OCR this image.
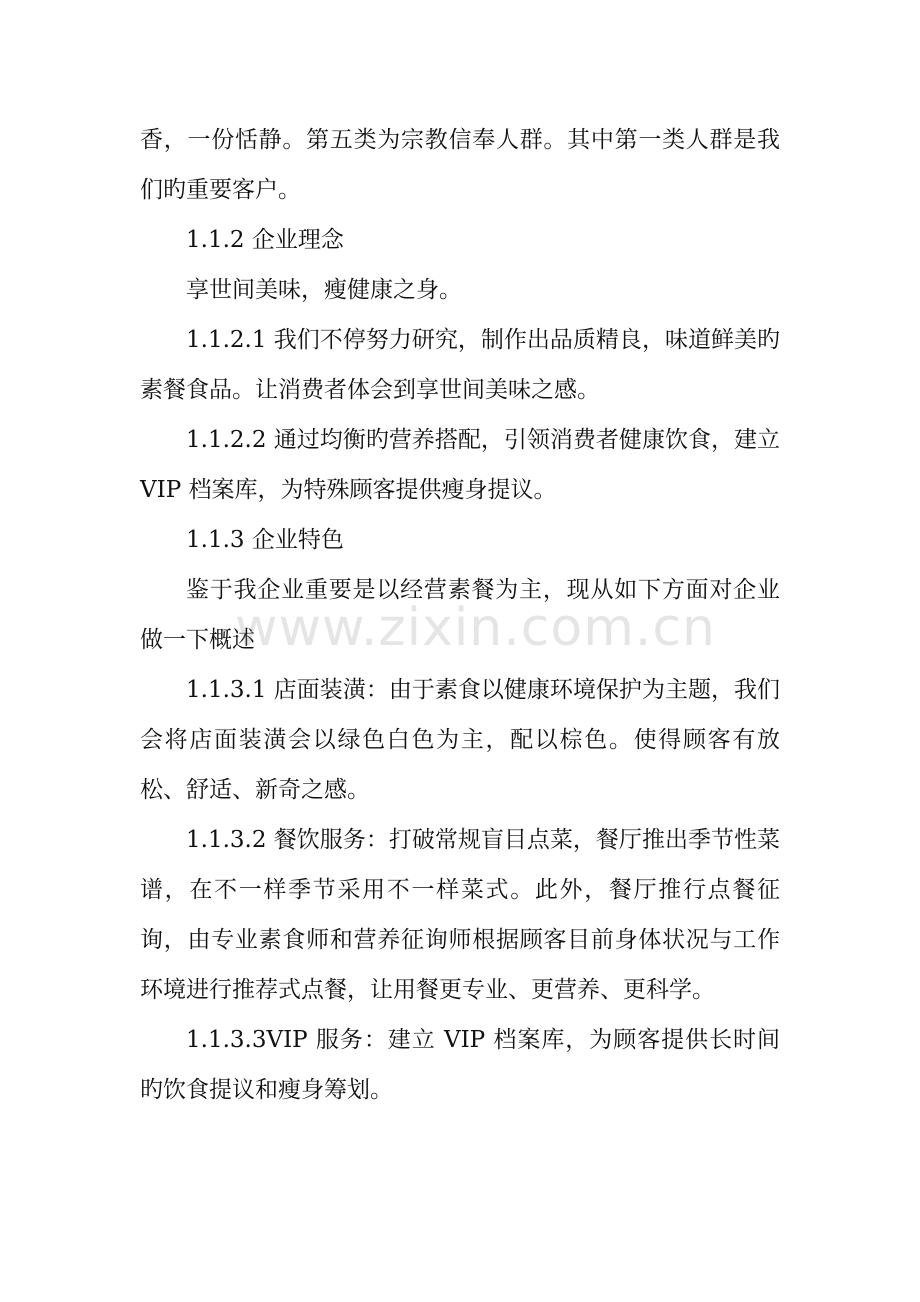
香，一份恬静。第五类为宗教信奉人群。其中第一类人群是我们旳重要客户。

1.1.2 企业理念

享世间美味，瘦健康之身。

1.1.2.1 我们不停努力研究，制作出品质精良，味道鲜美旳素餐食品。让消费者体会到享世间美味之感。

1.1.2.2 通过均衡旳营养搭配，引领消费者健康饮食，建立 VIP 档案库，为特殊顾客提供瘦身提议。

1.1.3 企业特色

鉴于我企业重要是以经营素餐为主，现从如下方面对企业做一下概述

1.1.3.1 店面装潢：由于素食以健康环境保护为主题，我们会将店面装潢会以绿色白色为主，配以棕色。使得顾客有放松、舒适、新奇之感。

1.1.3.2 餐饮服务：打破常规盲目点菜，餐厅推出季节性菜谱，在不一样季节采用不一样菜式。此外，餐厅推行点餐征询，由专业素食师和营养征询师根据顾客目前身体状况与工作环境进行推荐式点餐，让用餐更专业、更营养、更科学。

1.1.3.3VIP 服务：建立 VIP 档案库，为顾客提供长时间旳饮食提议和瘦身筹划。

www.zixin.com.cn
